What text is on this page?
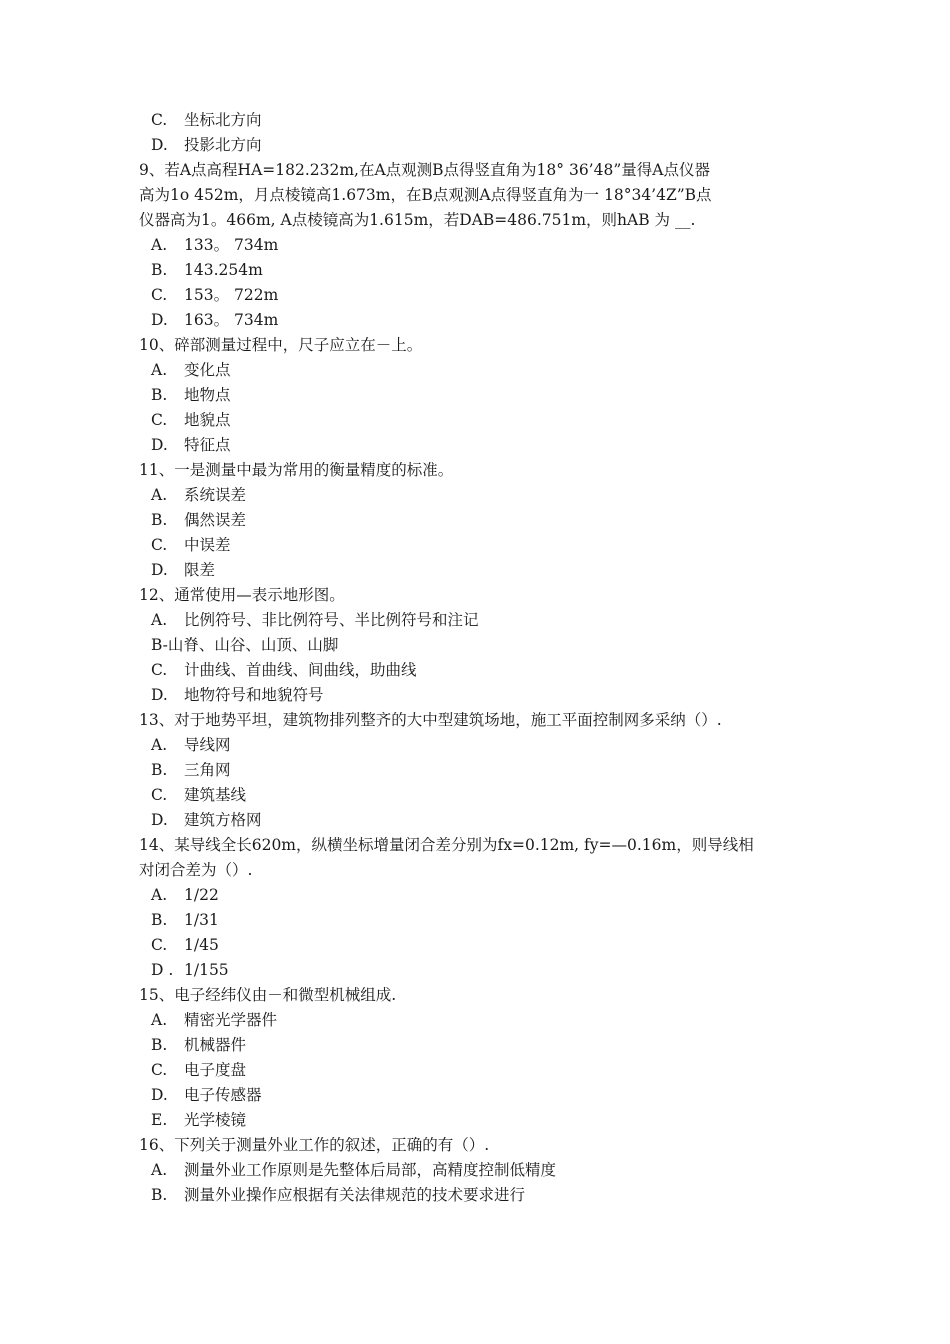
C. 坐标北方向
D. 投影北方向
9、若A点高程HA=182.232m,在A点观测B点得竖直角为18° 36’48”量得A点仪器
高为1o 452m，月点棱镜高1.673m，在B点观测A点得竖直角为一 18°34’4Z”B点
仪器高为1。466m, A点棱镜高为1.615m，若DAB=486.751m，则hAB 为 __.
A. 133。 734m
B. 143.254m
C. 153。 722m
D. 163。 734m
10、碎部测量过程中，尺子应立在－上。
A. 变化点
B. 地物点
C. 地貌点
D. 特征点
11、一是测量中最为常用的衡量精度的标准。
A. 系统误差
B. 偶然误差
C. 中误差
D. 限差
12、通常使用—表示地形图。
A. 比例符号、非比例符号、半比例符号和注记
B-山脊、山谷、山顶、山脚
C. 计曲线、首曲线、间曲线，助曲线
D. 地物符号和地貌符号
13、对于地势平坦，建筑物排列整齐的大中型建筑场地，施工平面控制网多采纳（）.
A. 导线网
B. 三角网
C. 建筑基线
D. 建筑方格网
14、某导线全长620m，纵横坐标增量闭合差分别为fx=0.12m, fy=—0.16m，则导线相
对闭合差为（）.
A. 1/22
B. 1/31
C. 1/45
D . 1/155
15、电子经纬仪由－和微型机械组成.
A. 精密光学器件
B. 机械器件
C. 电子度盘
D. 电子传感器
E. 光学棱镜
16、下列关于测量外业工作的叙述，正确的有（）.
A. 测量外业工作原则是先整体后局部，高精度控制低精度
B. 测量外业操作应根据有关法律规范的技术要求进行
